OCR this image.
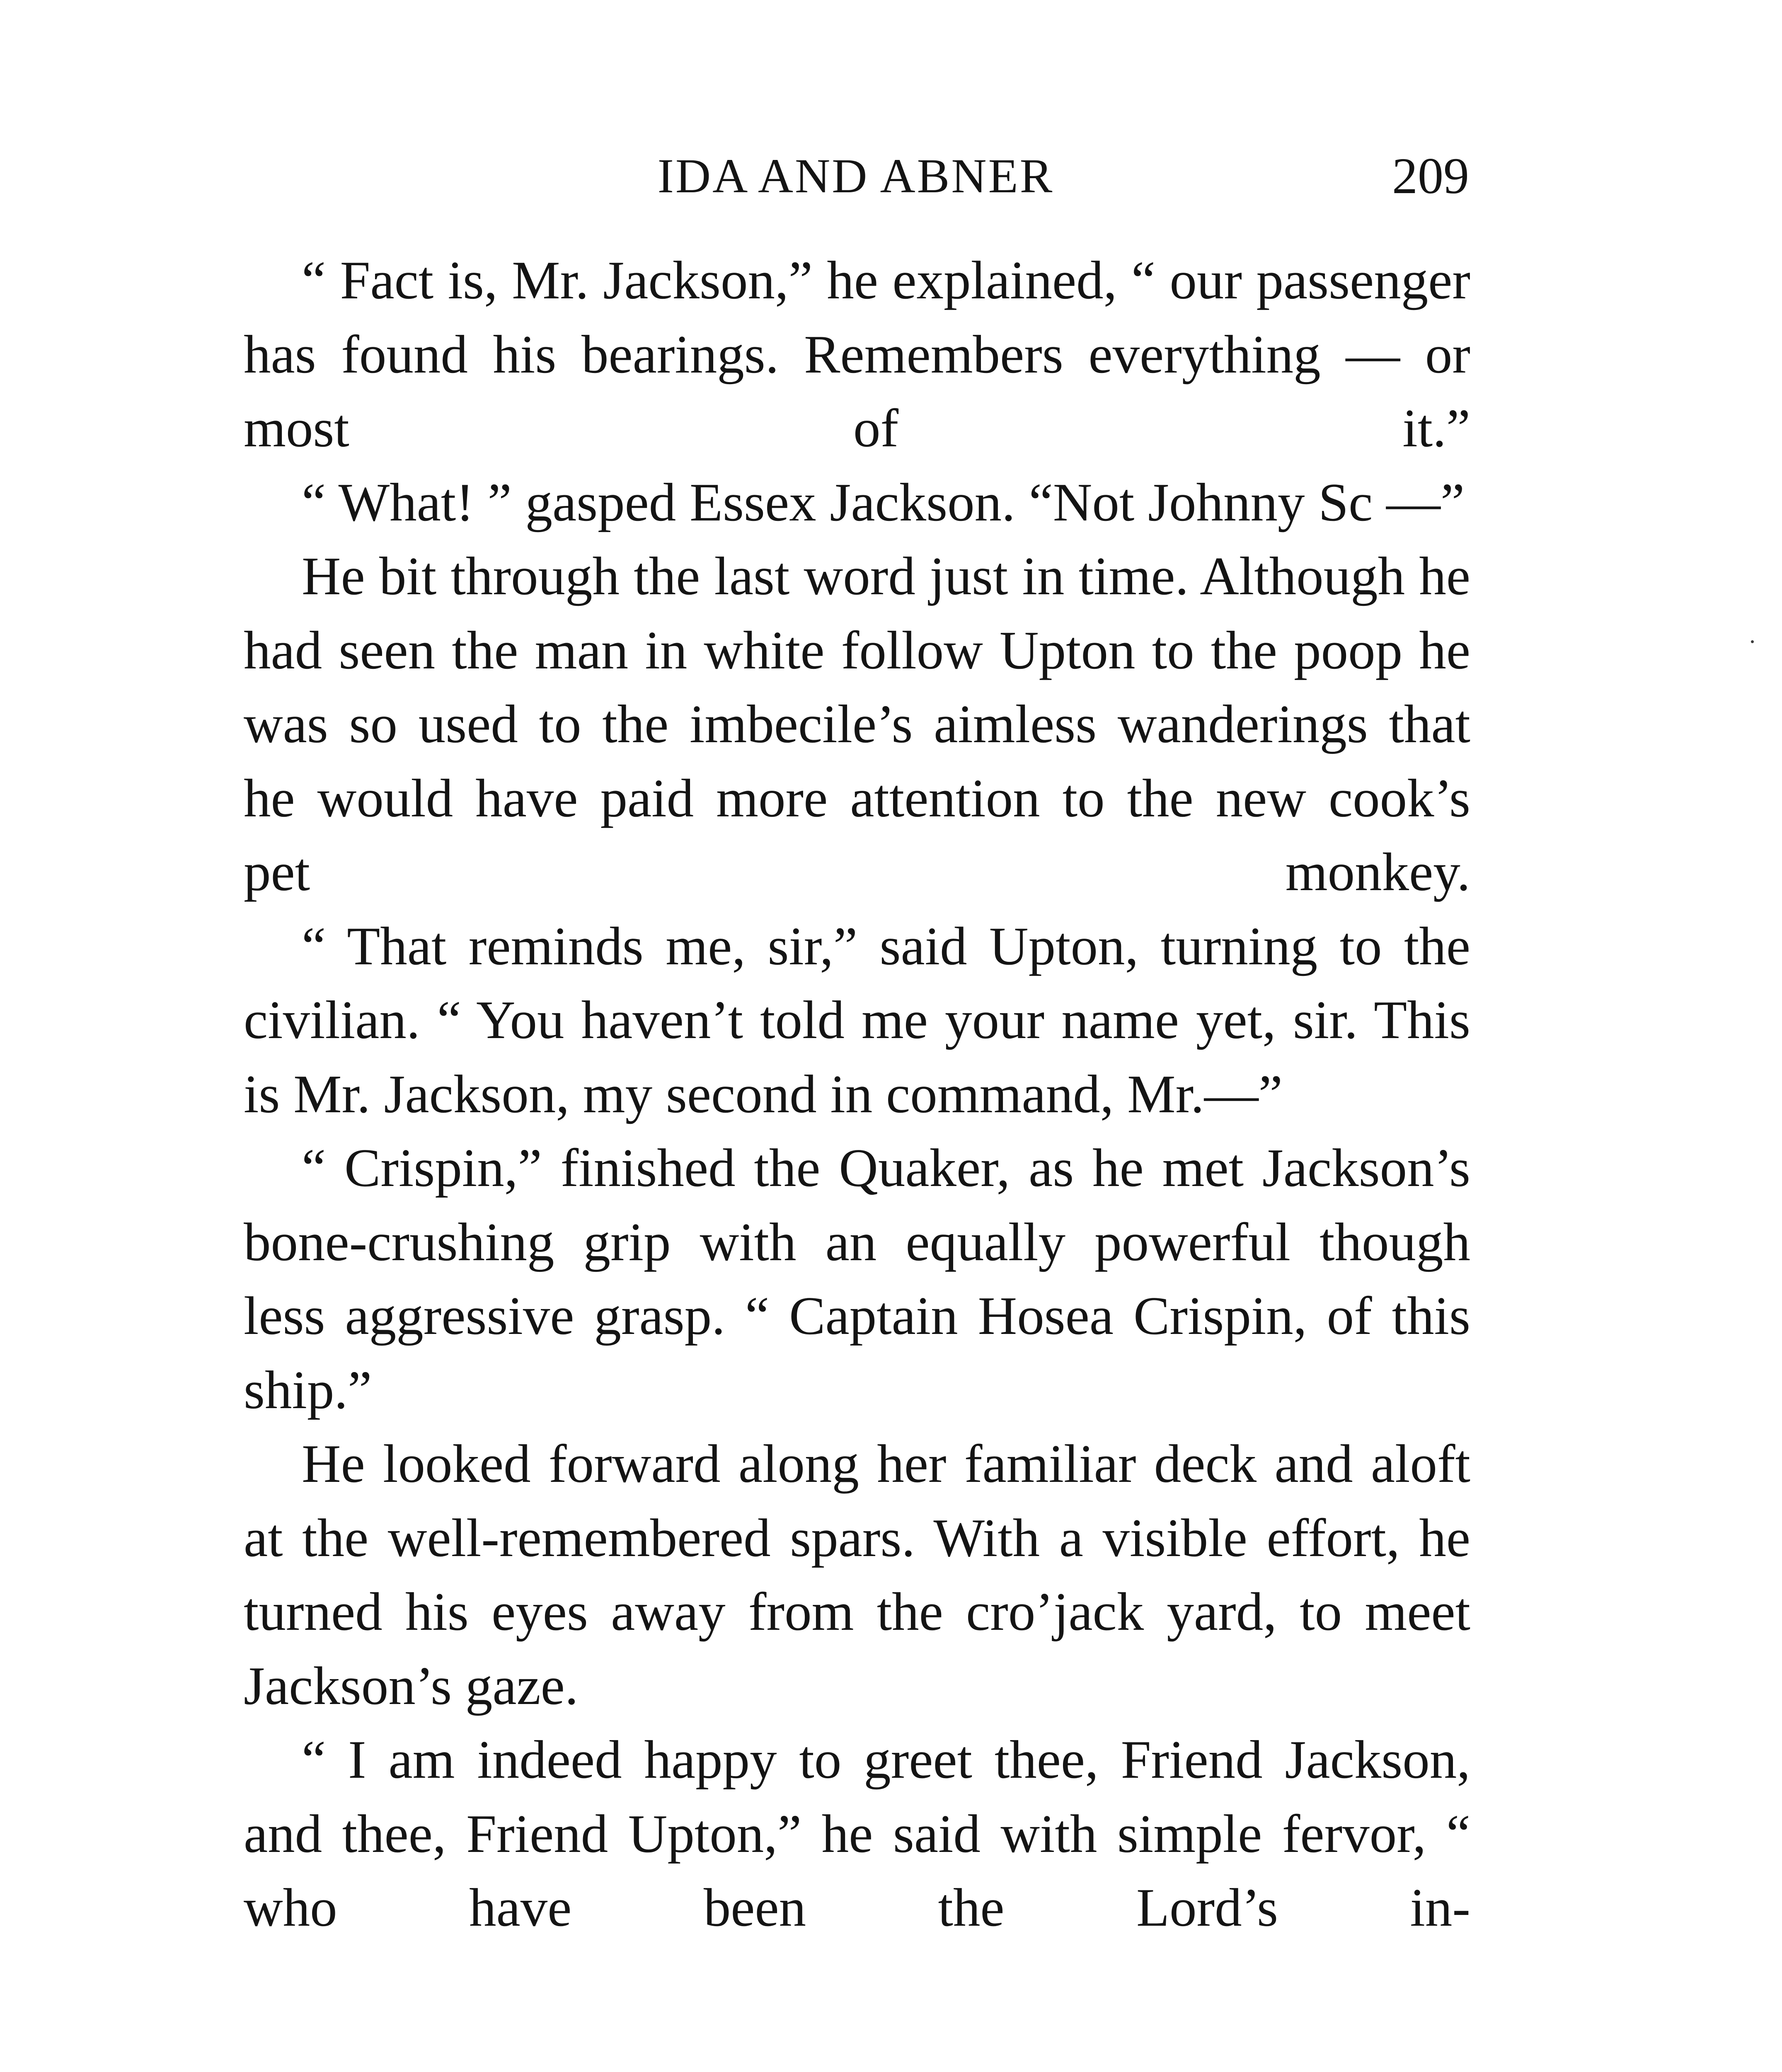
IDA AND ABNER	209

“ Fact is, Mr. Jackson,” he explained, “ our passenger has found his bearings. Remembers everything — or most of it.”

“ What! ” gasped Essex Jackson. “Not Johnny Sc —”

He bit through the last word just in time. Although he had seen the man in white follow Upton to the poop he was so used to the imbecile’s aimless wanderings that he would have paid more attention to the new cook’s pet monkey.

“ That reminds me, sir,” said Upton, turning to the civilian. “ You haven’t told me your name yet, sir. This is Mr. Jackson, my second in command, Mr.—”

“ Crispin,” finished the Quaker, as he met Jackson’s bone-crushing grip with an equally powerful though less aggressive grasp. “ Captain Hosea Crispin, of this ship.”

He looked forward along her familiar deck and aloft at the well-remembered spars. With a visible effort, he turned his eyes away from the cro’jack yard, to meet Jackson’s gaze.

“ I am indeed happy to greet thee, Friend Jackson, and thee, Friend Upton,” he said with simple fervor, “ who have been the Lord’s in-
